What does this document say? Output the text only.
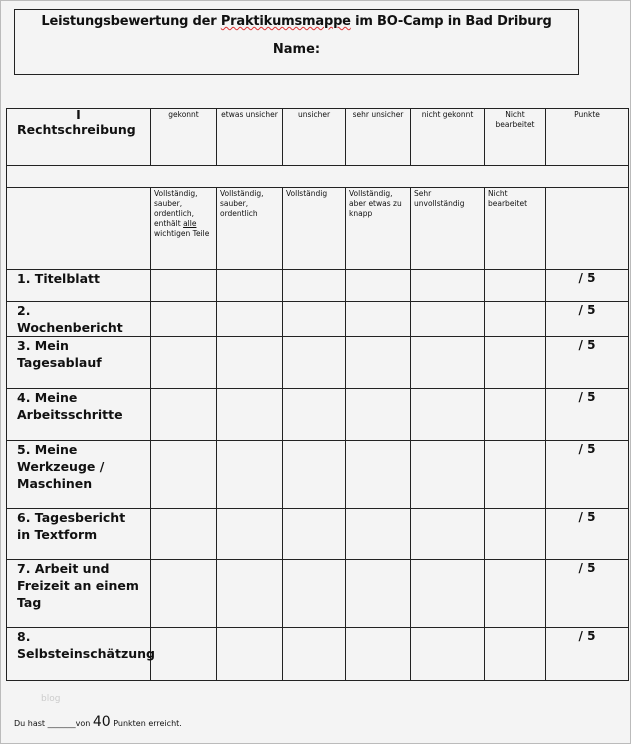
Leistungsbewertung der Praktikumsmappe im BO-Camp in Bad Driburg
Name:
I
Rechtschreibung	gekonnt	etwas unsicher	unsicher	sehr unsicher	nicht gekonnt	Nicht bearbeitet	Punkte

	Vollständig, sauber, ordentlich, enthält alle wichtigen Teile	Vollständig, sauber, ordentlich	Vollständig	Vollständig, aber etwas zu knapp	Sehr unvollständig	Nicht bearbeitet	
1. Titelblatt							/ 5
2. Wochenbericht							/ 5
3. Mein Tagesablauf							/ 5
4. Meine Arbeitsschritte							/ 5
5. Meine Werkzeuge / Maschinen							/ 5
6. Tagesbericht in Textform							/ 5
7. Arbeit und Freizeit an einem Tag							/ 5
8. Selbsteinschätzung							/ 5
blog
Du hast _______von 40 Punkten erreicht.
